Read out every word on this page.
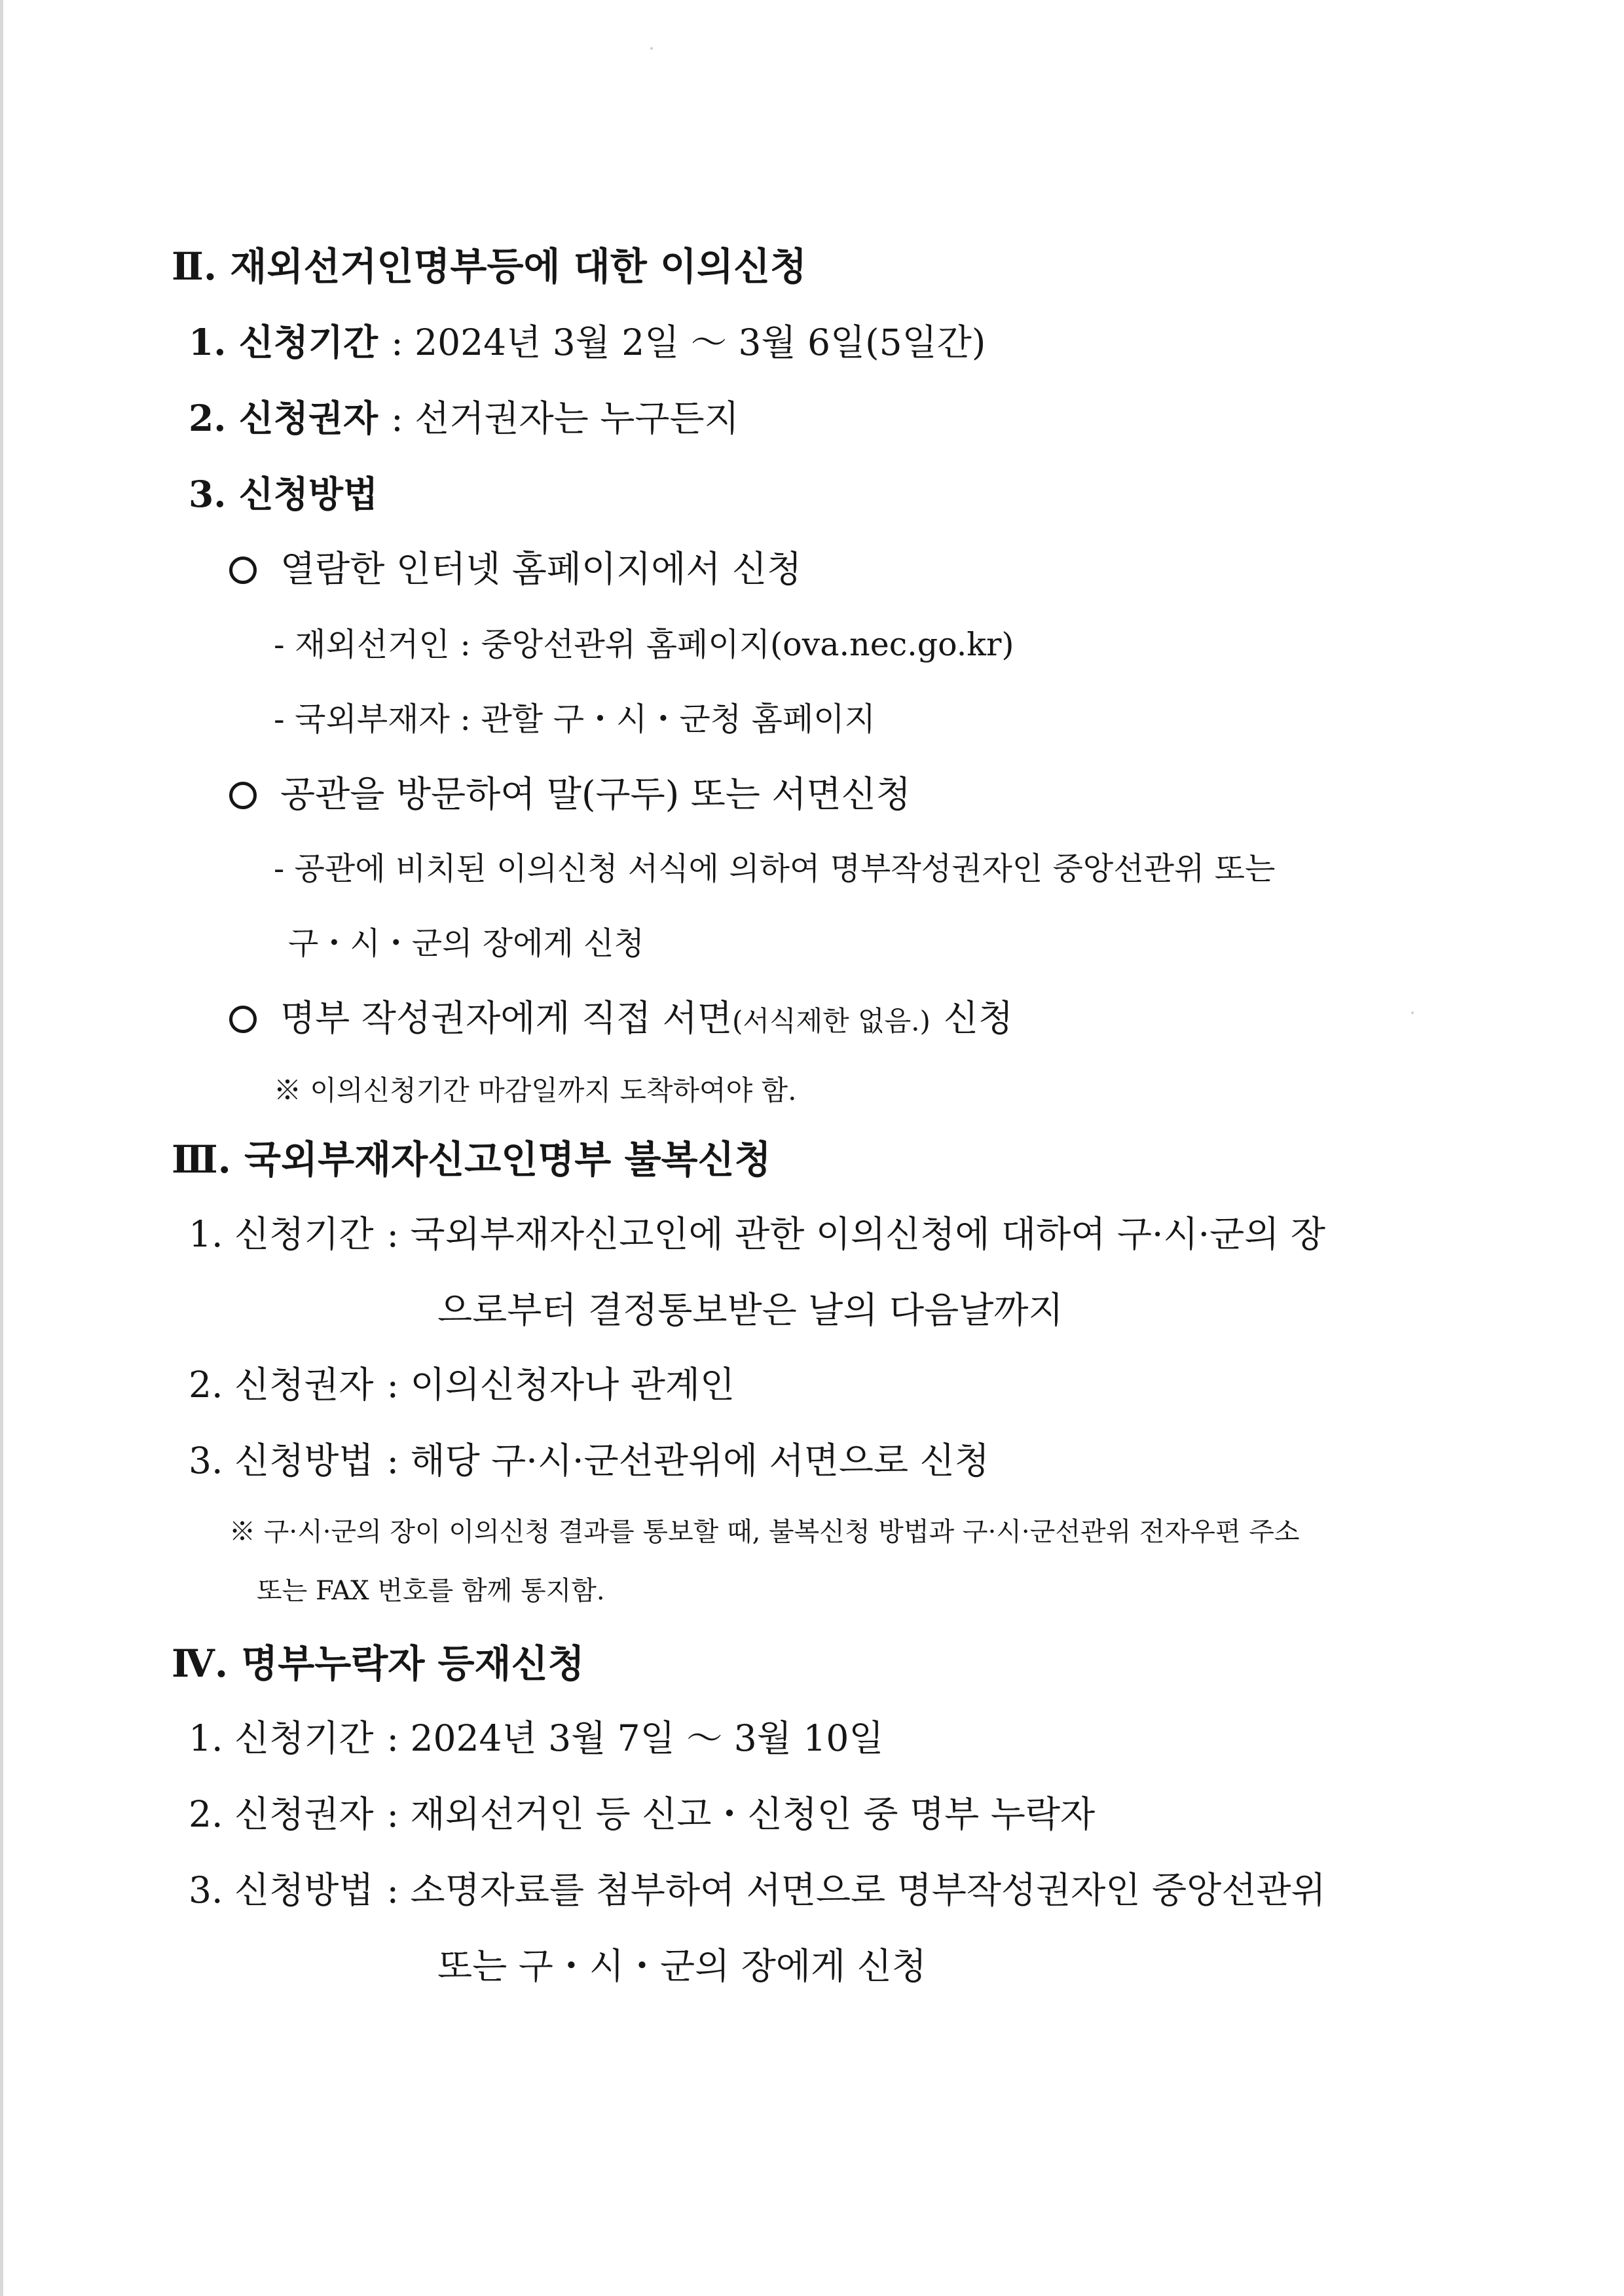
Ⅱ. 재외선거인명부등에 대한 이의신청
1. 신청기간 : 2024년 3월 2일 ～ 3월 6일(5일간)
2. 신청권자 : 선거권자는 누구든지
3. 신청방법
열람한 인터넷 홈페이지에서 신청
- 재외선거인 : 중앙선관위 홈페이지(ova.nec.go.kr)
- 국외부재자 : 관할 구・시・군청 홈페이지
공관을 방문하여 말(구두) 또는 서면신청
- 공관에 비치된 이의신청 서식에 의하여 명부작성권자인 중앙선관위 또는
구・시・군의 장에게 신청
명부 작성권자에게 직접 서면(서식제한 없음.) 신청
※ 이의신청기간 마감일까지 도착하여야 함.
Ⅲ. 국외부재자신고인명부 불복신청
1. 신청기간 : 국외부재자신고인에 관한 이의신청에 대하여 구·시·군의 장
으로부터 결정통보받은 날의 다음날까지
2. 신청권자 : 이의신청자나 관계인
3. 신청방법 : 해당 구·시·군선관위에 서면으로 신청
※ 구·시·군의 장이 이의신청 결과를 통보할 때, 불복신청 방법과 구·시·군선관위 전자우편 주소
또는 FAX 번호를 함께 통지함.
Ⅳ. 명부누락자 등재신청
1. 신청기간 : 2024년 3월 7일 ～ 3월 10일
2. 신청권자 : 재외선거인 등 신고・신청인 중 명부 누락자
3. 신청방법 : 소명자료를 첨부하여 서면으로 명부작성권자인 중앙선관위
또는 구・시・군의 장에게 신청
